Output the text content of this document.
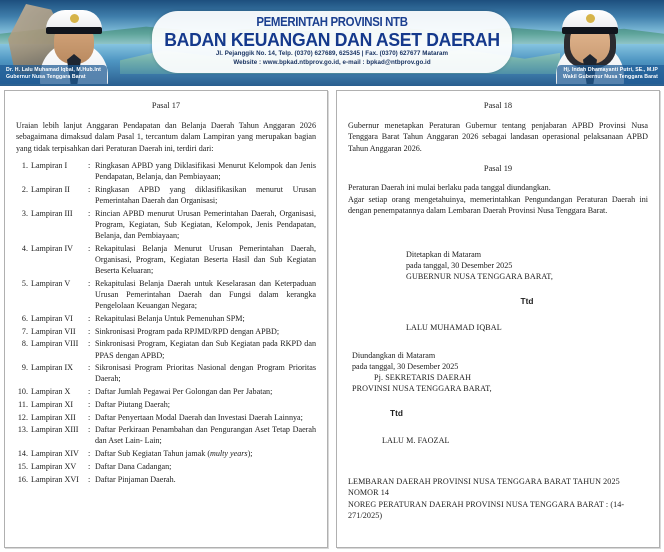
Dr. H. Lalu Muhamad Iqbal, M.Hub.Int
Gubernur Nusa Tenggara Barat
Hj. Indah Dhamayanti Putri, SE., M.IP
Wakil Gubernur Nusa Tenggara Barat
PEMERINTAH PROVINSI NTB
BADAN KEUANGAN DAN ASET DAERAH
Jl. Pejanggik No. 14, Telp. (0370) 627689, 625345 | Fax. (0370) 627677 Mataram
Website : www.bpkad.ntbprov.go.id, e-mail : bpkad@ntbprov.go.id
Pasal 17

Uraian lebih lanjut Anggaran Pendapatan dan Belanja Daerah Tahun Anggaran 2026 sebagaimana dimaksud dalam Pasal 1, tercantum dalam Lampiran yang merupakan bagian yang tidak terpisahkan dari Peraturan Daerah ini, terdiri dari:

1. Lampiran I	: Ringkasan APBD yang Diklasifikasi Menurut Kelompok dan Jenis Pendapatan, Belanja, dan Pembiayaan;
2. Lampiran II	: Ringkasan APBD yang diklasifikasikan menurut Urusan Pemerintahan Daerah dan Organisasi;
3. Lampiran III	: Rincian APBD menurut Urusan Pemerintahan Daerah, Organisasi, Program, Kegiatan, Sub Kegiatan, Kelompok, Jenis Pendapatan, Belanja, dan Pembiayaan;
4. Lampiran IV	: Rekapitulasi Belanja Menurut Urusan Pemerintahan Daerah, Organisasi, Program, Kegiatan Beserta Hasil dan Sub Kegiatan Beserta Keluaran;
5. Lampiran V	: Rekapitulasi Belanja Daerah untuk Keselarasan dan Keterpaduan Urusan Pemerintahan Daerah dan Fungsi dalam kerangka Pengelolaan Keuangan Negara;
6. Lampiran VI	: Rekapitulasi Belanja Untuk Pemenuhan SPM;
7. Lampiran VII	: Sinkronisasi Program pada RPJMD/RPD dengan APBD;
8. Lampiran VIII	: Sinkronisasi Program, Kegiatan dan Sub Kegiatan pada RKPD dan PPAS dengan APBD;
9. Lampiran IX	: Sikronisasi Program Prioritas Nasional dengan Program Prioritas Daerah;
10. Lampiran X	: Daftar Jumlah Pegawai Per Golongan dan Per Jabatan;
11. Lampiran XI	: Daftar Piutang Daerah;
12. Lampiran XII	: Daftar Penyertaan Modal Daerah dan Investasi Daerah Lainnya;
13. Lampiran XIII	: Daftar Perkiraan Penambahan dan Pengurangan Aset Tetap Daerah dan Aset Lain- Lain;
14. Lampiran XIV	: Daftar Sub Kegiatan Tahun jamak (multy years);
15. Lampiran XV	: Daftar Dana Cadangan;
16. Lampiran XVI	: Daftar Pinjaman Daerah.
Pasal 18

Gubernur menetapkan Peraturan Gubernur tentang penjabaran APBD Provinsi Nusa Tenggara Barat Tahun Anggaran 2026 sebagai landasan operasional pelaksanaan APBD Tahun Anggaran 2026.

Pasal 19

Peraturan Daerah ini mulai berlaku pada tanggal diundangkan.

Agar setiap orang mengetahuinya, memerintahkan Pengundangan Peraturan Daerah ini dengan penempatannya dalam Lembaran Daerah Provinsi Nusa Tenggara Barat.

Ditetapkan di Mataram
pada tanggal, 30 Desember 2025
GUBERNUR NUSA TENGGARA BARAT,
Ttd
LALU MUHAMAD IQBAL
Diundangkan di Mataram
pada tanggal, 30 Desember 2025
Pj. SEKRETARIS DAERAH
PROVINSI NUSA TENGGARA BARAT,
Ttd
LALU M. FAOZAL
LEMBARAN DAERAH PROVINSI NUSA TENGGARA BARAT TAHUN 2025 NOMOR 14
NOREG PERATURAN DAERAH PROVINSI NUSA TENGGARA BARAT : (14-271/2025)
